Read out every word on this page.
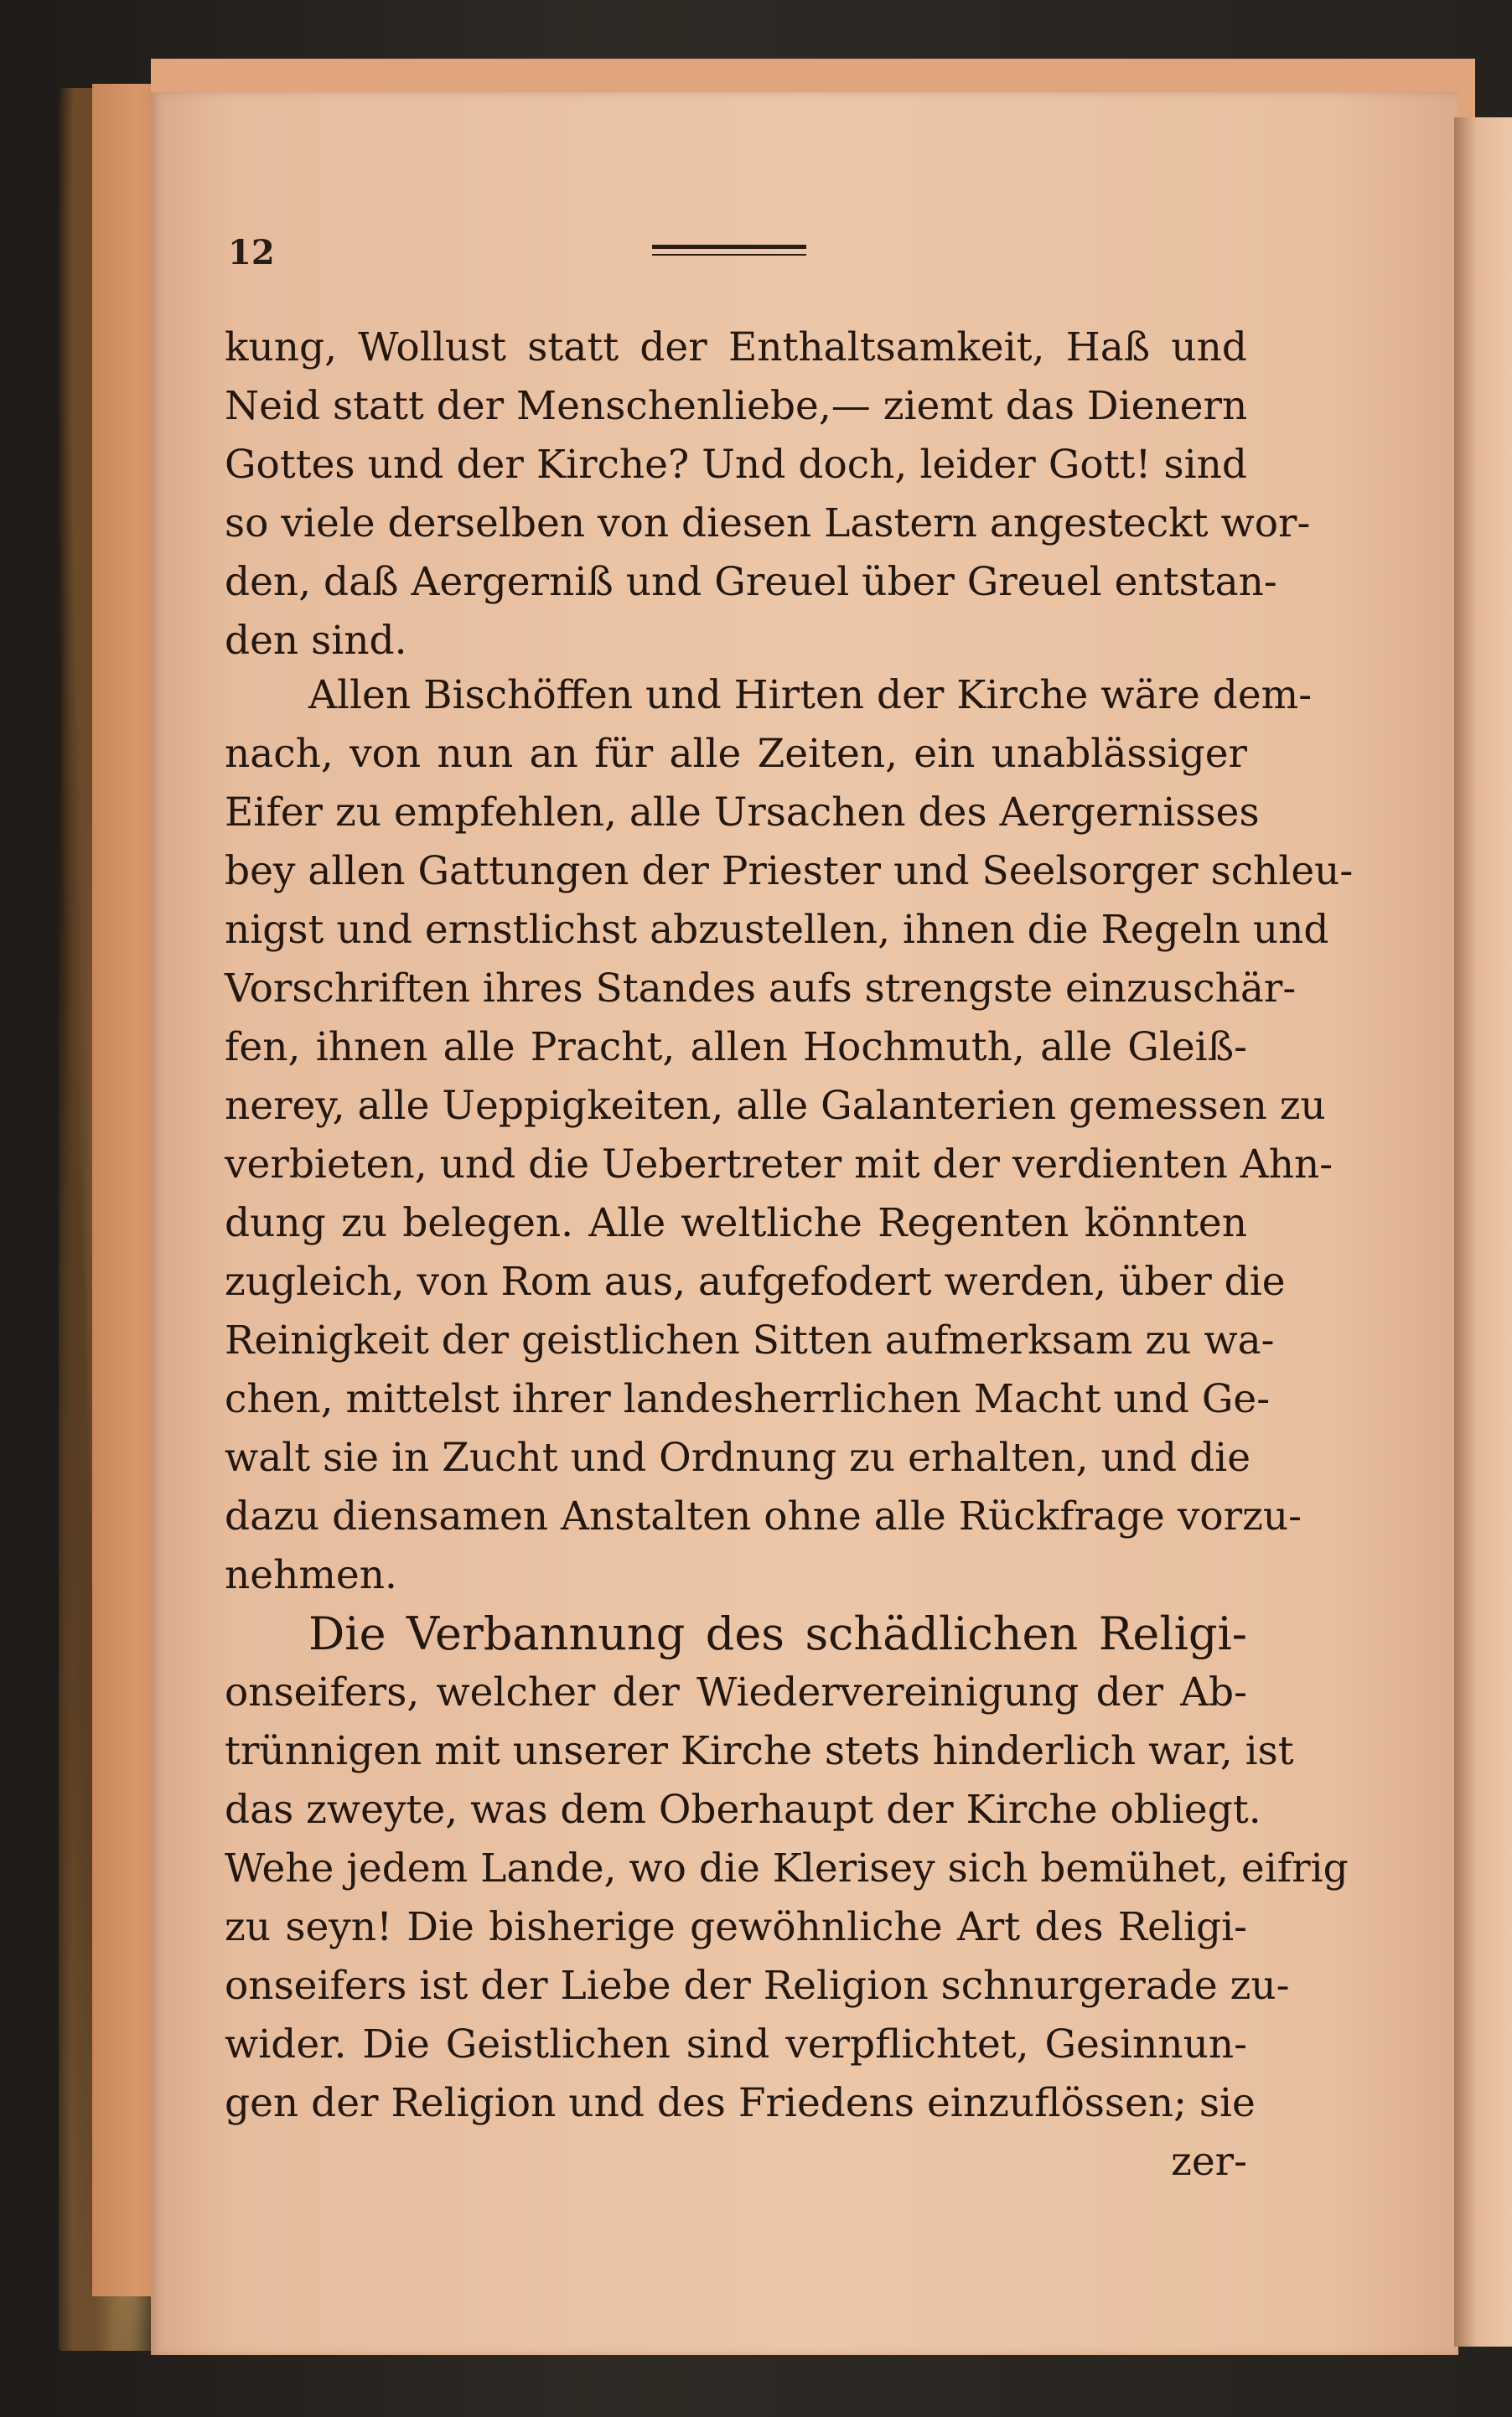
12
kung, Wollust statt der Enthaltsamkeit, Haß und
Neid statt der Menschenliebe,— ziemt das Dienern
Gottes und der Kirche? Und doch, leider Gott! sind
so viele derselben von diesen Lastern angesteckt wor-
den, daß Aergerniß und Greuel über Greuel entstan-
den sind.
Allen Bischöffen und Hirten der Kirche wäre dem-
nach, von nun an für alle Zeiten, ein unablässiger
Eifer zu empfehlen, alle Ursachen des Aergernisses
bey allen Gattungen der Priester und Seelsorger schleu-
nigst und ernstlichst abzustellen, ihnen die Regeln und
Vorschriften ihres Standes aufs strengste einzuschär-
fen, ihnen alle Pracht, allen Hochmuth, alle Gleiß-
nerey, alle Ueppigkeiten, alle Galanterien gemessen zu
verbieten, und die Uebertreter mit der verdienten Ahn-
dung zu belegen. Alle weltliche Regenten könnten
zugleich, von Rom aus, aufgefodert werden, über die
Reinigkeit der geistlichen Sitten aufmerksam zu wa-
chen, mittelst ihrer landesherrlichen Macht und Ge-
walt sie in Zucht und Ordnung zu erhalten, und die
dazu diensamen Anstalten ohne alle Rückfrage vorzu-
nehmen.
Die Verbannung des schädlichen Religi-
onseifers, welcher der Wiedervereinigung der Ab-
trünnigen mit unserer Kirche stets hinderlich war, ist
das zweyte, was dem Oberhaupt der Kirche obliegt.
Wehe jedem Lande, wo die Klerisey sich bemühet, eifrig
zu seyn! Die bisherige gewöhnliche Art des Religi-
onseifers ist der Liebe der Religion schnurgerade zu-
wider. Die Geistlichen sind verpflichtet, Gesinnun-
gen der Religion und des Friedens einzuflössen; sie
zer-
